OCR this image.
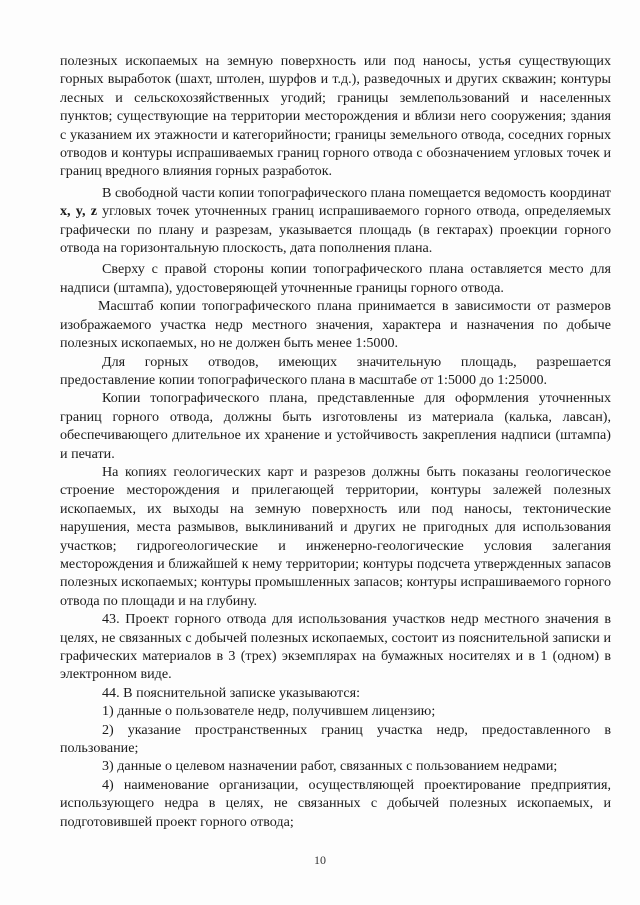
полезных ископаемых на земную поверхность или под наносы, устья существующих горных выработок (шахт, штолен, шурфов и т.д.), разведочных и других скважин; контуры лесных и сельскохозяйственных угодий; границы землепользований и населенных пунктов; существующие на территории месторождения и вблизи него сооружения; здания с указанием их этажности и категорийности; границы земельного отвода, соседних горных отводов и контуры испрашиваемых границ горного отвода с обозначением угловых точек и границ вредного влияния горных разработок.

В свободной части копии топографического плана помещается ведомость координат x, y, z угловых точек уточненных границ испрашиваемого горного отвода, определяемых графически по плану и разрезам, указывается площадь (в гектарах) проекции горного отвода на горизонтальную плоскость, дата пополнения плана.

Сверху с правой стороны копии топографического плана оставляется место для надписи (штампа), удостоверяющей уточненные границы горного отвода.

Масштаб копии топографического плана принимается в зависимости от размеров изображаемого участка недр местного значения, характера и назначения по добыче полезных ископаемых, но не должен быть менее 1:5000.

Для горных отводов, имеющих значительную площадь, разрешается предоставление копии топографического плана в масштабе от 1:5000 до 1:25000.

Копии топографического плана, представленные для оформления уточненных границ горного отвода, должны быть изготовлены из материала (калька, лавсан), обеспечивающего длительное их хранение и устойчивость закрепления надписи (штампа) и печати.

На копиях геологических карт и разрезов должны быть показаны геологическое строение месторождения и прилегающей территории, контуры залежей полезных ископаемых, их выходы на земную поверхность или под наносы, тектонические нарушения, места размывов, выклиниваний и других не пригодных для использования участков; гидрогеологические и инженерно-геологические условия залегания месторождения и ближайшей к нему территории; контуры подсчета утвержденных запасов полезных ископаемых; контуры промышленных запасов; контуры испрашиваемого горного отвода по площади и на глубину.

43. Проект горного отвода для использования участков недр местного значения в целях, не связанных с добычей полезных ископаемых, состоит из пояснительной записки и графических материалов в 3 (трех) экземплярах на бумажных носителях и в 1 (одном) в электронном виде.

44. В пояснительной записке указываются:

1) данные о пользователе недр, получившем лицензию;

2) указание пространственных границ участка недр, предоставленного в пользование;

3) данные о целевом назначении работ, связанных с пользованием недрами;

4) наименование организации, осуществляющей проектирование предприятия, использующего недра в целях, не связанных с добычей полезных ископаемых, и подготовившей проект горного отвода;

10
